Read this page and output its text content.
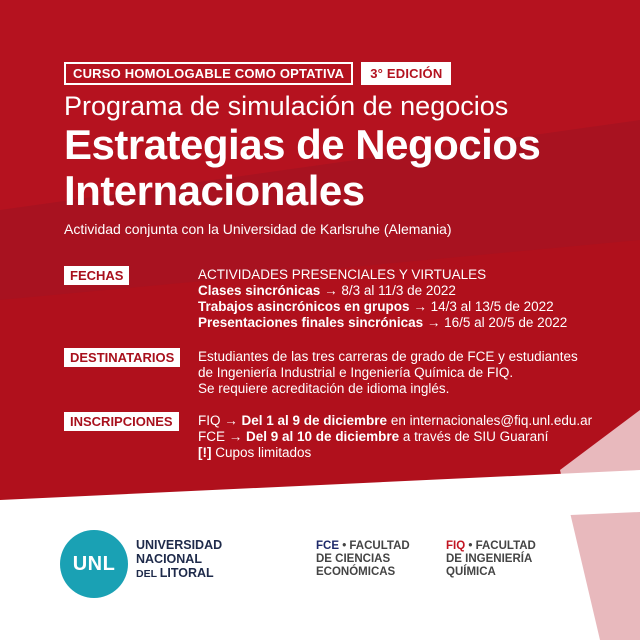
CURSO HOMOLOGABLE COMO OPTATIVA	3° EDICIÓN
Programa de simulación de negocios
Estrategias de Negocios
Internacionales
Actividad conjunta con la Universidad de Karlsruhe (Alemania)
FECHAS	ACTIVIDADES PRESENCIALES Y VIRTUALES
Clases sincrónicas → 8/3 al 11/3 de 2022
Trabajos asincrónicos en grupos → 14/3 al 13/5 de 2022
Presentaciones finales sincrónicas → 16/5 al 20/5 de 2022
DESTINATARIOS	Estudiantes de las tres carreras de grado de FCE y estudiantes
de Ingeniería Industrial e Ingeniería Química de FIQ.
Se requiere acreditación de idioma inglés.
INSCRIPCIONES	FIQ → Del 1 al 9 de diciembre en internacionales@fiq.unl.edu.ar
FCE → Del 9 al 10 de diciembre a través de SIU Guaraní
[!] Cupos limitados
UNL
UNIVERSIDAD
NACIONAL
DEL LITORAL
FCE • FACULTAD
DE CIENCIAS
ECONÓMICAS
FIQ • FACULTAD
DE INGENIERÍA
QUÍMICA
